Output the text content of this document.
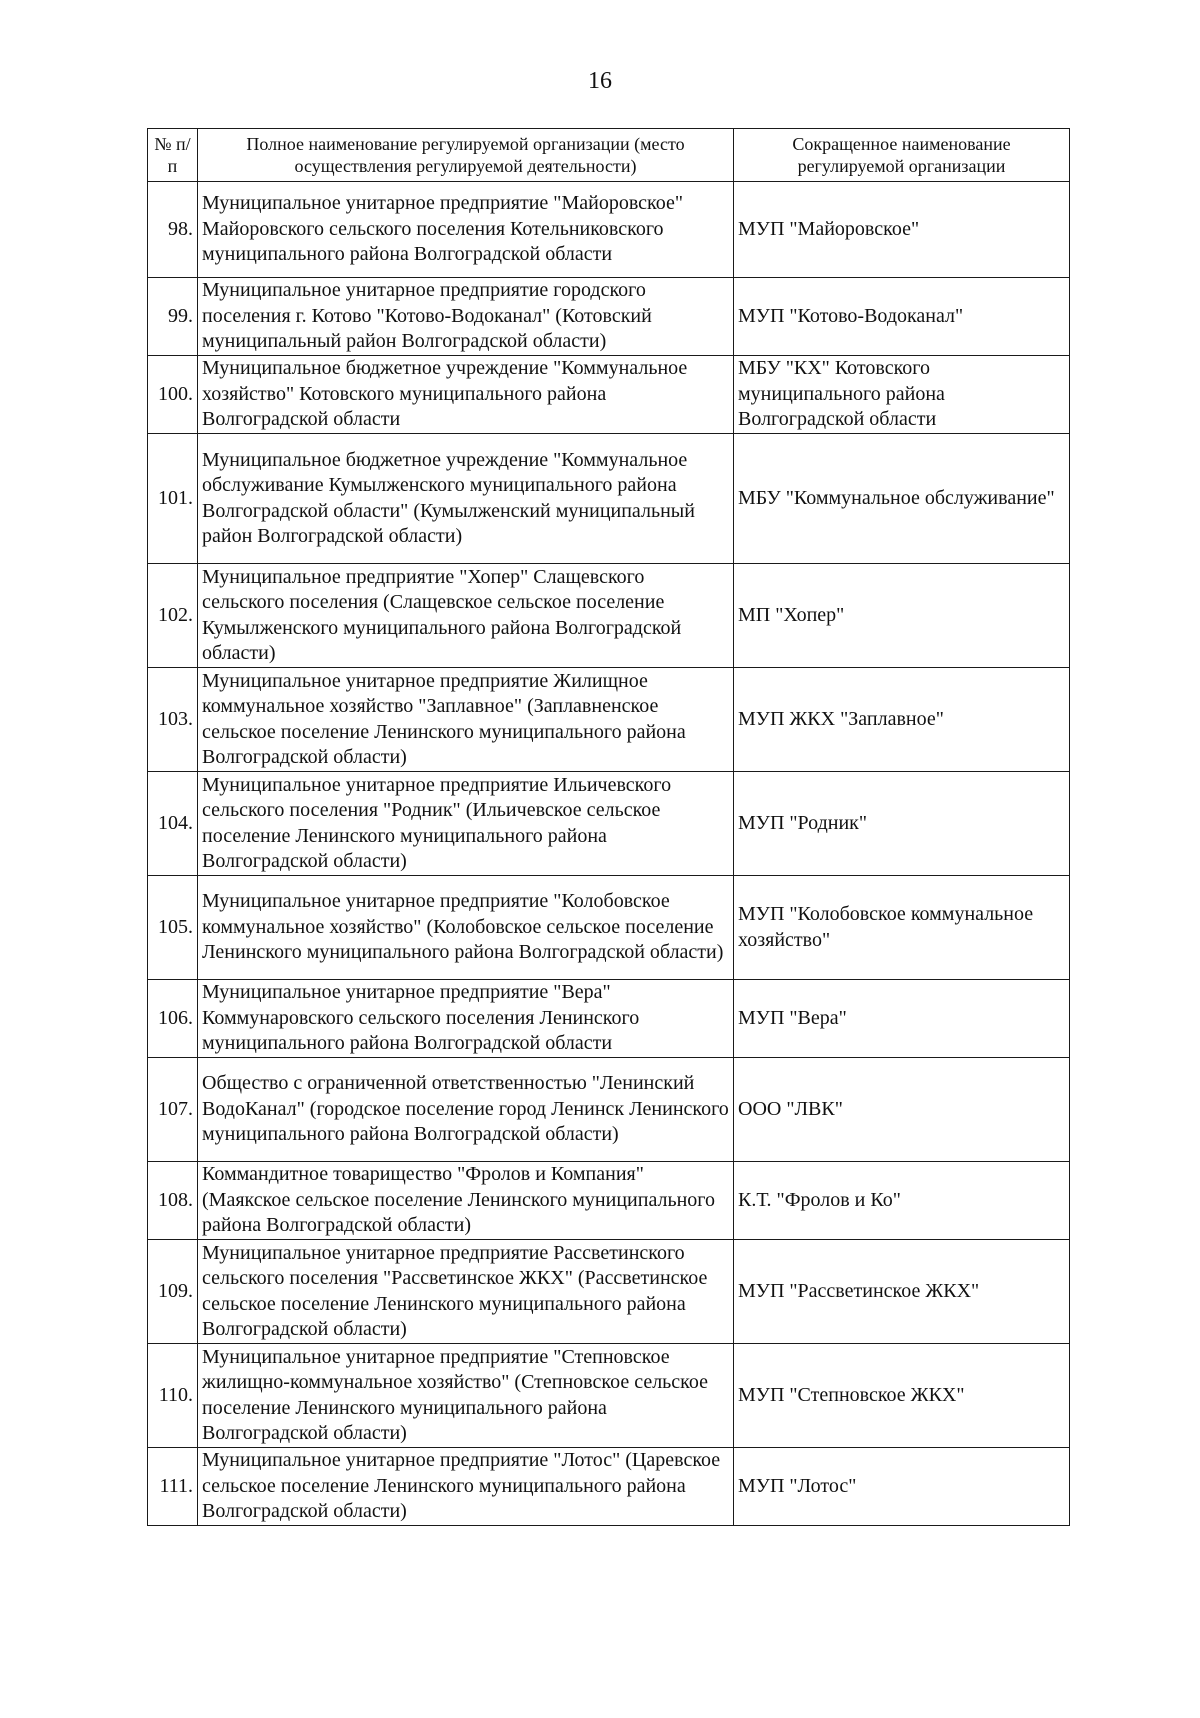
16
№ п/п	Полное наименование регулируемой организации (место осуществления регулируемой деятельности)	Сокращенное наименование регулируемой организации
98.	Муниципальное унитарное предприятие "Майоровское" Майоровского сельского поселения Котельниковского муниципального района Волгоградской области	МУП "Майоровское"
99.	Муниципальное унитарное предприятие городского поселения г. Котово "Котово-Водоканал" (Котовский муниципальный район Волгоградской области)	МУП "Котово-Водоканал"
100.	Муниципальное бюджетное учреждение "Коммунальное хозяйство" Котовского муниципального района Волгоградской области	МБУ "КХ" Котовского муниципального района Волгоградской области
101.	Муниципальное бюджетное учреждение "Коммунальное обслуживание Кумылженского муниципального района Волгоградской области" (Кумылженский муниципальный район Волгоградской области)	МБУ "Коммунальное обслуживание"
102.	Муниципальное предприятие "Хопер" Слащевского сельского поселения (Слащевское сельское поселение Кумылженского муниципального района Волгоградской области)	МП "Хопер"
103.	Муниципальное унитарное предприятие Жилищное коммунальное хозяйство "Заплавное" (Заплавненское сельское поселение Ленинского муниципального района Волгоградской области)	МУП ЖКХ "Заплавное"
104.	Муниципальное унитарное предприятие Ильичевского сельского поселения "Родник" (Ильичевское сельское поселение Ленинского муниципального района Волгоградской области)	МУП "Родник"
105.	Муниципальное унитарное предприятие "Колобовское коммунальное хозяйство" (Колобовское сельское поселение Ленинского муниципального района Волгоградской области)	МУП "Колобовское коммунальное хозяйство"
106.	Муниципальное унитарное предприятие "Вера" Коммунаровского сельского поселения Ленинского муниципального района Волгоградской области	МУП "Вера"
107.	Общество с ограниченной ответственностью "Ленинский ВодоКанал" (городское поселение город Ленинск Ленинского муниципального района Волгоградской области)	ООО "ЛВК"
108.	Коммандитное товарищество "Фролов и Компания" (Маякское сельское поселение Ленинского муниципального района Волгоградской области)	К.Т. "Фролов и Ко"
109.	Муниципальное унитарное предприятие Рассветинского сельского поселения "Рассветинское ЖКХ" (Рассветинское сельское поселение Ленинского муниципального района Волгоградской области)	МУП "Рассветинское ЖКХ"
110.	Муниципальное унитарное предприятие "Степновское жилищно-коммунальное хозяйство" (Степновское сельское поселение Ленинского муниципального района Волгоградской области)	МУП "Степновское ЖКХ"
111.	Муниципальное унитарное предприятие "Лотос" (Царевское сельское поселение Ленинского муниципального района Волгоградской области)	МУП "Лотос"
